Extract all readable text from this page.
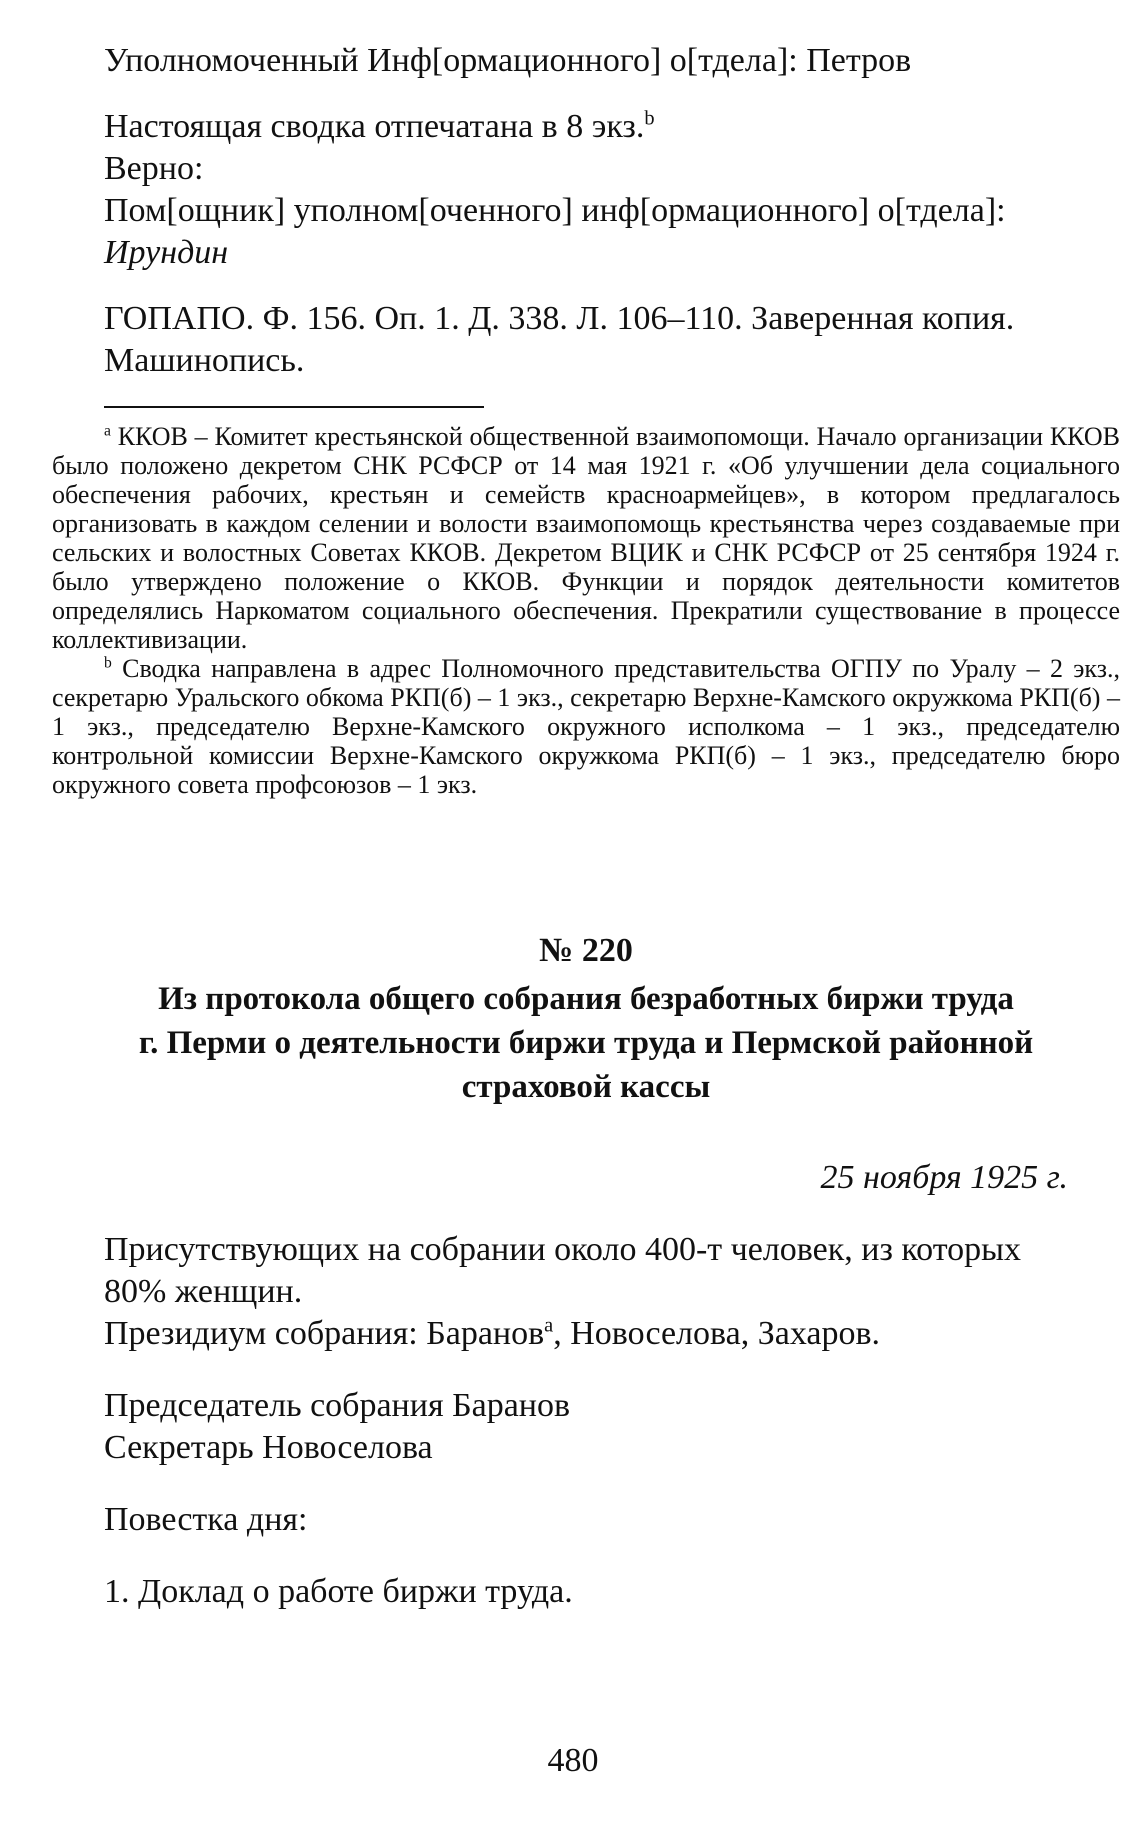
Уполномоченный Инф[ормационного] о[тдела]: Петров

Настоящая сводка отпечатана в 8 экз.$^b$

Верно:

Пом[ощник] уполном[оченного] инф[ормационного] о[тдела]:

Ирундин

ГОПАПО. Ф. 156. Оп. 1. Д. 338. Л. 106–110. Заверенная копия.

Машинопись.

$^a$ ККОВ – Комитет крестьянской общественной взаимопомощи. Начало организации ККОВ было положено декретом СНК РСФСР от 14 мая 1921 г. «Об улучшении дела социального обеспечения рабочих, крестьян и семейств красноармейцев», в котором предлагалось организовать в каждом селении и волости взаимопомощь крестьянства через создаваемые при сельских и волостных Советах ККОВ. Декретом ВЦИК и СНК РСФСР от 25 сентября 1924 г. было утверждено положение о ККОВ. Функции и порядок деятельности комитетов определялись Наркоматом социального обеспечения. Прекратили существование в процессе коллективизации.
$^b$ Сводка направлена в адрес Полномочного представительства ОГПУ по Уралу – 2 экз., секретарю Уральского обкома РКП(б) – 1 экз., секретарю Верхне-Камского окружкома РКП(б) – 1 экз., председателю Верхне-Камского окружного исполкома – 1 экз., председателю контрольной комиссии Верхне-Камского окружкома РКП(б) – 1 экз., председателю бюро окружного совета профсоюзов – 1 экз.
№ 220
Из протокола общего собрания безработных биржи труда
г. Перми о деятельности биржи труда и Пермской районной
страховой кассы
25 ноября 1925 г.

Присутствующих на собрании около 400-т человек, из которых

80% женщин.

Президиум собрания: Баранов$^a$, Новоселова, Захаров.

Председатель собрания Баранов

Секретарь Новоселова

Повестка дня:

1. Доклад о работе биржи труда.

480
